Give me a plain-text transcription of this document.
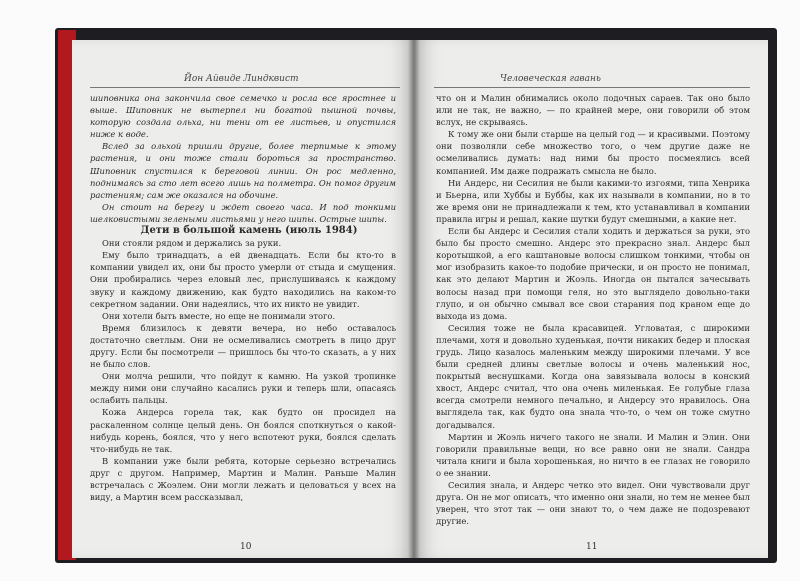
Йон Айвиде Линдквист

шиповника она закончила свое семечко и росла все яростнее и выше. Шиповник не вытерпел ни богатой пышной почвы, которую создала ольха, ни тени от ее листьев, и опустился ниже к воде.

Вслед за ольхой пришли другие, более терпимые к этому растения, и они тоже стали бороться за пространство. Шиповник спустился к береговой линии. Он рос медленно, поднимаясь за сто лет всего лишь на полметра. Он помог другим растениям; сам же оказался на обочине.

Он стоит на берегу и ждет своего часа. И под тонкими шелковистыми зелеными листьями у него шипы. Острые шипы.

Дети в большой камень (июль 1984)

Они стояли рядом и держались за руки.

Ему было тринадцать, а ей двенадцать. Если бы кто-то в компании увидел их, они бы просто умерли от стыда и смущения. Они пробирались через еловый лес, прислушиваясь к каждому звуку и каждому движению, как будто находились на каком-то секретном задании. Они надеялись, что их никто не увидит.

Они хотели быть вместе, но еще не понимали этого.

Время близилось к девяти вечера, но небо оставалось достаточно светлым. Они не осмеливались смотреть в лицо друг другу. Если бы посмотрели — пришлось бы что-то сказать, а у них не было слов.

Они молча решили, что пойдут к камню. На узкой тропинке между ними они случайно касались руки и теперь шли, опасаясь ослабить пальцы.

Кожа Андерса горела так, как будто он просидел на раскаленном солнце целый день. Он боялся споткнуться о какой-нибудь корень, боялся, что у него вспотеют руки, боялся сделать что-нибудь не так.

В компании уже были ребята, которые серьезно встречались друг с другом. Например, Мартин и Малин. Раньше Малин встречалась с Жоэлем. Они могли лежать и целоваться у всех на виду, а Мартин всем рассказывал,

10
Человеческая гавань

что он и Малин обнимались около лодочных сараев. Так оно было или не так, не важно, — по крайней мере, они говорили об этом вслух, не скрываясь.

К тому же они были старше на целый год — и красивыми. Поэтому они позволяли себе множество того, о чем другие даже не осмеливались думать: над ними бы просто посмеялись всей компанией. Им даже подражать смысла не было.

Ни Андерс, ни Сесилия не были какими-то изгоями, типа Хенрика и Бьерна, или Хуббы и Буббы, как их называли в компании, но в то же время они не принадлежали к тем, кто устанавливал в компании правила игры и решал, какие шутки будут смешными, а какие нет.

Если бы Андерс и Сесилия стали ходить и держаться за руки, это было бы просто смешно. Андерс это прекрасно знал. Андерс был коротышкой, а его каштановые волосы слишком тонкими, чтобы он мог изобразить какое-то подобие прически, и он просто не понимал, как это делают Мартин и Жоэль. Иногда он пытался зачесывать волосы назад при помощи геля, но это выглядело довольно-таки глупо, и он обычно смывал все свои старания под краном еще до выхода из дома.

Сесилия тоже не была красавицей. Угловатая, с широкими плечами, хотя и довольно худенькая, почти никаких бедер и плоская грудь. Лицо казалось маленьким между широкими плечами. У все были средней длины светлые волосы и очень маленький нос, покрытый веснушками. Когда она завязывала волосы в конский хвост, Андерс считал, что она очень миленькая. Ее голубые глаза всегда смотрели немного печально, и Андерсу это нравилось. Она выглядела так, как будто она знала что-то, о чем он тоже смутно догадывался.

Мартин и Жоэль ничего такого не знали. И Малин и Элин. Они говорили правильные вещи, но все равно они не знали. Сандра читала книги и была хорошенькая, но ничто в ее глазах не говорило о ее знании.

Сесилия знала, и Андерс четко это видел. Они чувствовали друг друга. Он не мог описать, что именно они знали, но тем не менее был уверен, что этот так — они знают то, о чем даже не подозревают другие.

11
